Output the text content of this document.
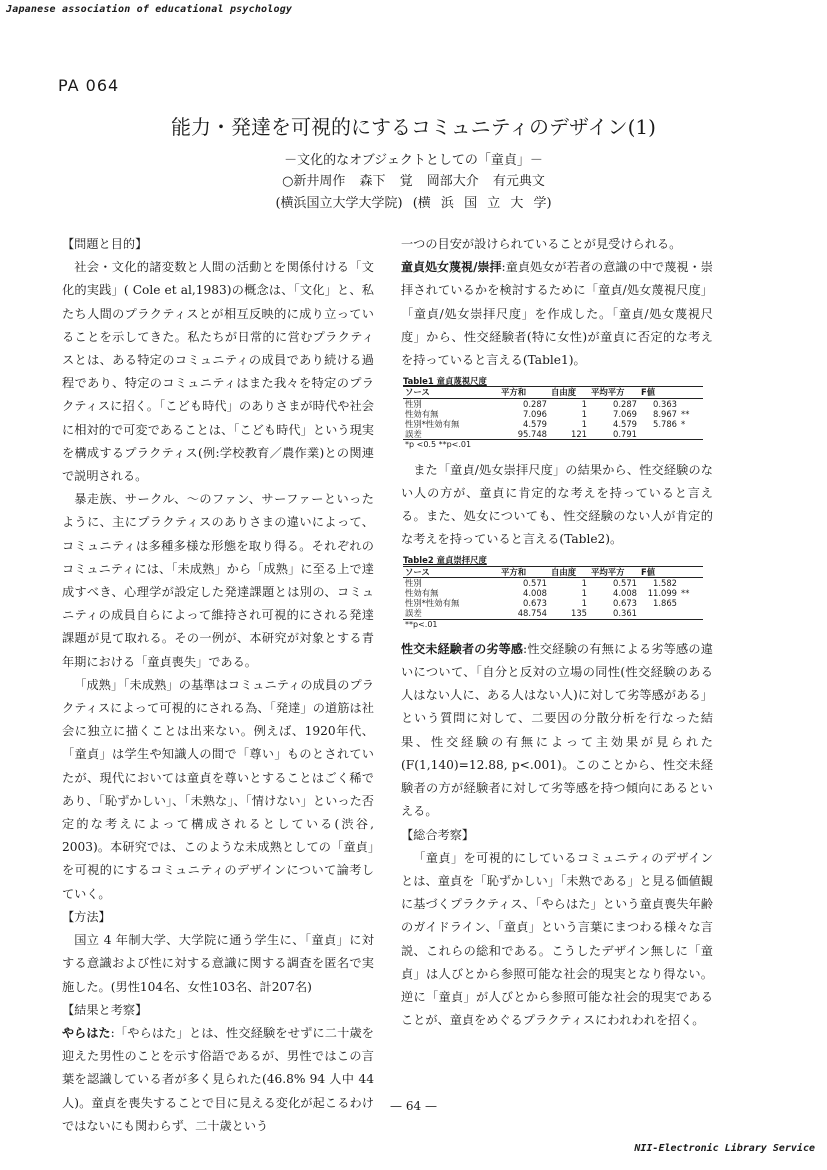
Japanese association of educational psychology
PA 064
能力・発達を可視的にするコミュニティのデザイン(1)
－文化的なオブジェクトとしての「童貞」－
○新井周作 森下 覚 岡部大介 有元典文
(横浜国立大学大学院) (横 浜 国 立 大 学)

【問題と目的】

社会・文化的諸変数と人間の活動とを関係付ける「文化的実践」( Cole et al,1983)の概念は、「文化」と、私たち人間のプラクティスとが相互反映的に成り立っていることを示してきた。私たちが日常的に営むプラクティスとは、ある特定のコミュニティの成員であり続ける過程であり、特定のコミュニティはまた我々を特定のプラクティスに招く。「こども時代」のありさまが時代や社会に相対的で可変であることは、「こども時代」という現実を構成するプラクティス(例:学校教育／農作業)との関連で説明される。

暴走族、サークル、～のファン、サーファーといったように、主にプラクティスのありさまの違いによって、コミュニティは多種多様な形態を取り得る。それぞれのコミュニティには、「未成熟」から「成熟」に至る上で達成すべき、心理学が設定した発達課題とは別の、コミュニティの成員自らによって維持され可視的にされる発達課題が見て取れる。その一例が、本研究が対象とする青年期における「童貞喪失」である。

「成熟」「未成熟」の基準はコミュニティの成員のプラクティスによって可視的にされる為、「発達」の道筋は社会に独立に描くことは出来ない。例えば、1920年代、「童貞」は学生や知識人の間で「尊い」ものとされていたが、現代においては童貞を尊いとすることはごく稀であり、「恥ずかしい」、「未熟な」、「情けない」といった否定的な考えによって構成されるとしている(渋谷, 2003)。本研究では、このような未成熟としての「童貞」を可視的にするコミュニティのデザインについて論考していく。

【方法】

国立 4 年制大学、大学院に通う学生に、「童貞」に対する意識および性に対する意識に関する調査を匿名で実施した。(男性104名、女性103名、計207名)

【結果と考察】

やらはた:「やらはた」とは、性交経験をせずに二十歳を迎えた男性のことを示す俗語であるが、男性ではこの言葉を認識している者が多く見られた(46.8% 94 人中 44 人)。童貞を喪失することで目に見える変化が起こるわけではないにも関わらず、二十歳という

一つの目安が設けられていることが見受けられる。

童貞処女蔑視/崇拝:童貞処女が若者の意識の中で蔑視・崇拝されているかを検討するために「童貞/処女蔑視尺度」「童貞/処女崇拝尺度」を作成した。「童貞/処女蔑視尺度」から、性交経験者(特に女性)が童貞に否定的な考えを持っていると言える(Table1)。

Table1 童貞蔑視尺度
ソース	平方和	自由度	平均平方	F値	
性別	0.287	1	0.287	0.363	
性効有無	7.096	1	7.069	8.967	**
性別*性効有無	4.579	1	4.579	5.786	*
誤差	95.748	121	0.791		
*p <0.5 **p<.01

また「童貞/処女崇拝尺度」の結果から、性交経験のない人の方が、童貞に肯定的な考えを持っていると言える。また、処女についても、性交経験のない人が肯定的な考えを持っていると言える(Table2)。

Table2 童貞崇拝尺度
ソース	平方和	自由度	平均平方	F値	
性別	0.571	1	0.571	1.582	
性効有無	4.008	1	4.008	11.099	**
性別*性効有無	0.673	1	0.673	1.865	
誤差	48.754	135	0.361		
**p<.01

性交未経験者の劣等感:性交経験の有無による劣等感の違いについて、「自分と反対の立場の同性(性交経験のある人はない人に、ある人はない人)に対して劣等感がある」という質問に対して、二要因の分散分析を行なった結果、性交経験の有無によって主効果が見られた(F(1,140)=12.88, p<.001)。このことから、性交未経験者の方が経験者に対して劣等感を持つ傾向にあるといえる。

【総合考察】

「童貞」を可視的にしているコミュニティのデザインとは、童貞を「恥ずかしい」「未熟である」と見る価値観に基づくプラクティス、「やらはた」という童貞喪失年齢のガイドライン、「童貞」という言葉にまつわる様々な言説、これらの総和である。こうしたデザイン無しに「童貞」は人びとから参照可能な社会的現実となり得ない。逆に「童貞」が人びとから参照可能な社会的現実であることが、童貞をめぐるプラクティスにわれわれを招く。

— 64 —
NII-Electronic Library Service
